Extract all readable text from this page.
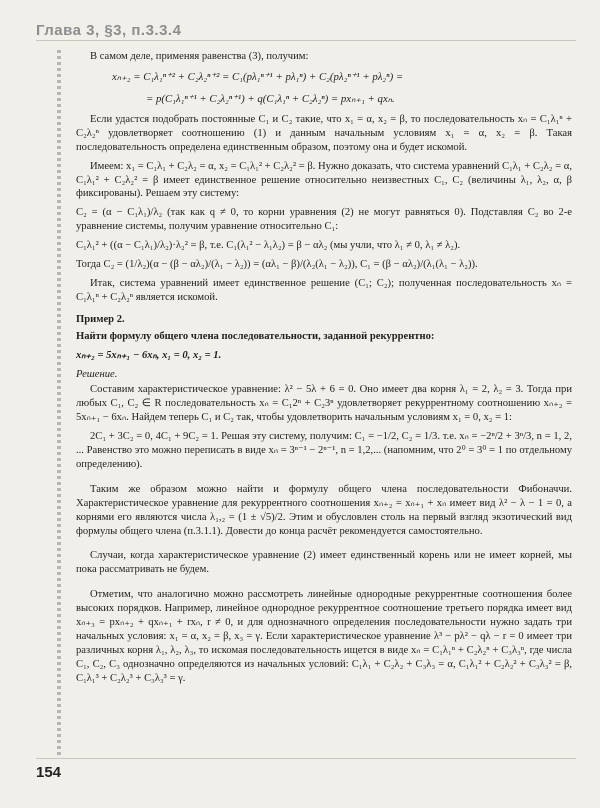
Глава 3, §3, п.3.3.4

В самом деле, применяя равенства (3), получим:

xₙ₊₂ = C₁λ₁ⁿ⁺² + C₂λ₂ⁿ⁺² = C₁(pλ₁ⁿ⁺¹ + pλ₁ⁿ) + C₂(pλ₂ⁿ⁺¹ + pλ₂ⁿ) =
= p(C₁λ₁ⁿ⁺¹ + C₂λ₂ⁿ⁺¹) + q(C₁λ₁ⁿ + C₂λ₂ⁿ) = pxₙ₊₁ + qxₙ.

Если удастся подобрать постоянные C₁ и C₂ такие, что x₁ = α, x₂ = β, то последовательность xₙ = C₁λ₁ⁿ + C₂λ₂ⁿ удовлетворяет соотношению (1) и данным начальным условиям x₁ = α, x₂ = β. Такая последовательность определена единственным образом, поэтому она и будет искомой.

Имеем: x₁ = C₁λ₁ + C₂λ₂ = α, x₂ = C₁λ₁² + C₂λ₂² = β. Нужно доказать, что система уравнений C₁λ₁ + C₂λ₂ = α, C₁λ₁² + C₂λ₂² = β имеет единственное решение относительно неизвестных C₁, C₂ (величины λ₁, λ₂, α, β фиксированы). Решаем эту систему:

C₂ = (α − C₁λ₁)/λ₂ (так как q ≠ 0, то корни уравнения (2) не могут равняться 0). Подставляя C₂ во 2-е уравнение системы, получим уравнение относительно C₁:

C₁λ₁² + ((α − C₁λ₁)/λ₂)·λ₂² = β, т.е. C₁(λ₁² − λ₁λ₂) = β − αλ₂ (мы учли, что λ₁ ≠ 0, λ₁ ≠ λ₂).

Тогда C₂ = (1/λ₂)(α − (β − αλ₂)/(λ₁ − λ₂)) = (αλ₁ − β)/(λ₂(λ₁ − λ₂)), C₁ = (β − αλ₂)/(λ₁(λ₁ − λ₂)).

Итак, система уравнений имеет единственное решение (C₁; C₂); полученная последовательность xₙ = C₁λ₁ⁿ + C₂λ₂ⁿ является искомой.

Пример 2.

Найти формулу общего члена последовательности, заданной рекуррентно:

xₙ₊₂ = 5xₙ₊₁ − 6xₙ, x₁ = 0, x₂ = 1.

Решение.

Составим характеристическое уравнение: λ² − 5λ + 6 = 0. Оно имеет два корня λ₁ = 2, λ₂ = 3. Тогда при любых C₁, C₂ ∈ R последовательность xₙ = C₁2ⁿ + C₂3ⁿ удовлетворяет рекуррентному соотношению xₙ₊₂ = 5xₙ₊₁ − 6xₙ. Найдем теперь C₁ и C₂ так, чтобы удовлетворить начальным условиям x₁ = 0, x₂ = 1:

2C₁ + 3C₂ = 0, 4C₁ + 9C₂ = 1. Решая эту систему, получим: C₁ = −1/2, C₂ = 1/3. т.е. xₙ = −2ⁿ/2 + 3ⁿ/3, n = 1, 2, ... Равенство это можно переписать в виде xₙ = 3ⁿ⁻¹ − 2ⁿ⁻¹, n = 1,2,... (напомним, что 2⁰ = 3⁰ = 1 по отдельному определению).

Таким же образом можно найти и формулу общего члена последовательности Фибоначчи. Характеристическое уравнение для рекуррентного соотношения xₙ₊₂ = xₙ₊₁ + xₙ имеет вид λ² − λ − 1 = 0, а корнями его являются числа λ₁,₂ = (1 ± √5)/2. Этим и обусловлен столь на первый взгляд экзотический вид формулы общего члена (п.3.1.1). Довести до конца расчёт рекомендуется самостоятельно.

Случаи, когда характеристическое уравнение (2) имеет единственный корень или не имеет корней, мы пока рассматривать не будем.

Отметим, что аналогично можно рассмотреть линейные однородные рекуррентные соотношения более высоких порядков. Например, линейное однородное рекуррентное соотношение третьего порядка имеет вид xₙ₊₃ = pxₙ₊₂ + qxₙ₊₁ + rxₙ, r ≠ 0, и для однозначного определения последовательности нужно задать три начальных условия: x₁ = α, x₂ = β, x₃ = γ. Если характеристическое уравнение λ³ − pλ² − qλ − r = 0 имеет три различных корня λ₁, λ₂, λ₃, то искомая последовательность ищется в виде xₙ = C₁λ₁ⁿ + C₂λ₂ⁿ + C₃λ₃ⁿ, где числа C₁, C₂, C₃ однозначно определяются из начальных условий: C₁λ₁ + C₂λ₂ + C₃λ₃ = α, C₁λ₁² + C₂λ₂² + C₃λ₃² = β, C₁λ₁³ + C₂λ₂³ + C₃λ₃³ = γ.

154
